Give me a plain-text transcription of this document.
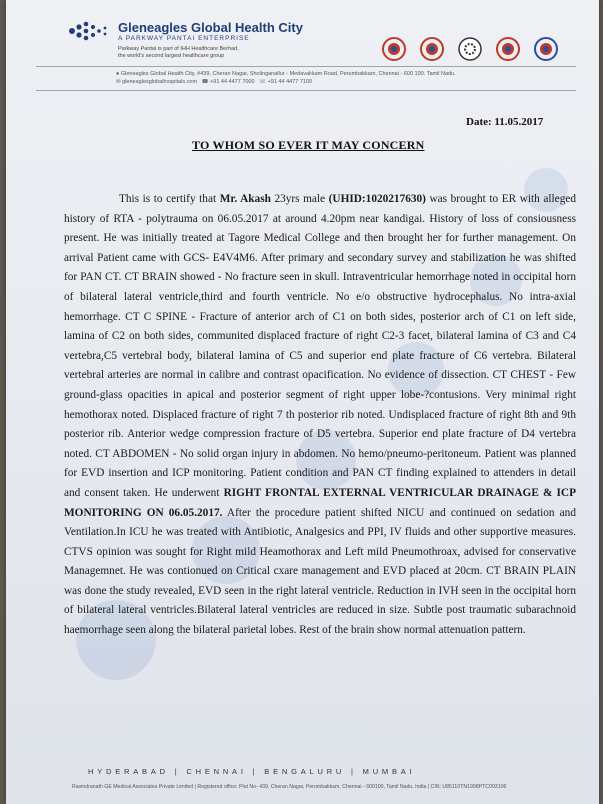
Gleneagles Global Health City
A PARKWAY PANTAI ENTERPRISE
Parkway Pantai is part of IHH Healthcare Berhad,
the world's second largest healthcare group
● Gleneagles Global Health City, #439, Cheran Nagar, Sholinganallur - Medavakkam Road, Perumbakkam, Chennai - 600 100. Tamil Nadu.
✉ gleneaglesglobalhospitals.com ☎ +91 44 4477 7000 ☏ +91 44 4477 7100
Date: 11.05.2017
TO WHOM SO EVER IT MAY CONCERN

This is to certify that Mr. Akash 23yrs male (UHID:1020217630) was brought to ER with alleged history of RTA - polytrauma on 06.05.2017 at around 4.20pm near kandigai. History of loss of consiousness present. He was initially treated at Tagore Medical College and then brought her for further management. On arrival Patient came with GCS- E4V4M6. After primary and secondary survey and stabilization he was shifted for PAN CT. CT BRAIN showed - No fracture seen in skull. Intraventricular hemorrhage noted in occipital horn of bilateral lateral ventricle,third and fourth ventricle. No e/o obstructive hydrocephalus. No intra-axial hemorrhage. CT C SPINE - Fracture of anterior arch of C1 on both sides, posterior arch of C1 on left side, lamina of C2 on both sides, communited displaced fracture of right C2-3 facet, bilateral lamina of C3 and C4 vertebra,C5 vertebral body, bilateral lamina of C5 and superior end plate fracture of C6 vertebra. Bilateral vertebral arteries are normal in calibre and contrast opacification. No evidence of dissection. CT CHEST - Few ground-glass opacities in apical and posterior segment of right upper lobe-?contusions. Very minimal right hemothorax noted. Displaced fracture of right 7 th posterior rib noted. Undisplaced fracture of right 8th and 9th posterior rib. Anterior wedge compression fracture of D5 vertebra. Superior end plate fracture of D4 vertebra noted. CT ABDOMEN - No solid organ injury in abdomen. No hemo/pneumo-peritoneum. Patient was planned for EVD insertion and ICP monitoring. Patient condition and PAN CT finding explained to attenders in detail and consent taken. He underwent RIGHT FRONTAL EXTERNAL VENTRICULAR DRAINAGE & ICP MONITORING ON 06.05.2017. After the procedure patient shifted NICU and continued on sedation and Ventilation.In ICU he was treated with Antibiotic, Analgesics and PPI, IV fluids and other supportive measures. CTVS opinion was sought for Right mild Heamothorax and Left mild Pneumothroax, advised for conservative Managemnet. He was contionued on Critical cxare management and EVD placed at 20cm. CT BRAIN PLAIN was done the study revealed, EVD seen in the right lateral ventricle. Reduction in IVH seen in the occipital horn of bilateral lateral ventricles.Bilateral lateral ventricles are reduced in size. Subtle post traumatic subarachnoid haemorrhage seen along the bilateral parietal lobes. Rest of the brain show normal attenuation pattern.

HYDERABAD | CHENNAI | BENGALURU | MUMBAI
Ravindranath GE Medical Associates Private Limited | Registered office: Plot No- 439, Cheran Nagar, Perumbakkam, Chennai - 600100, Tamil Nadu, India | CIN: U85110TN1998PTC093106
